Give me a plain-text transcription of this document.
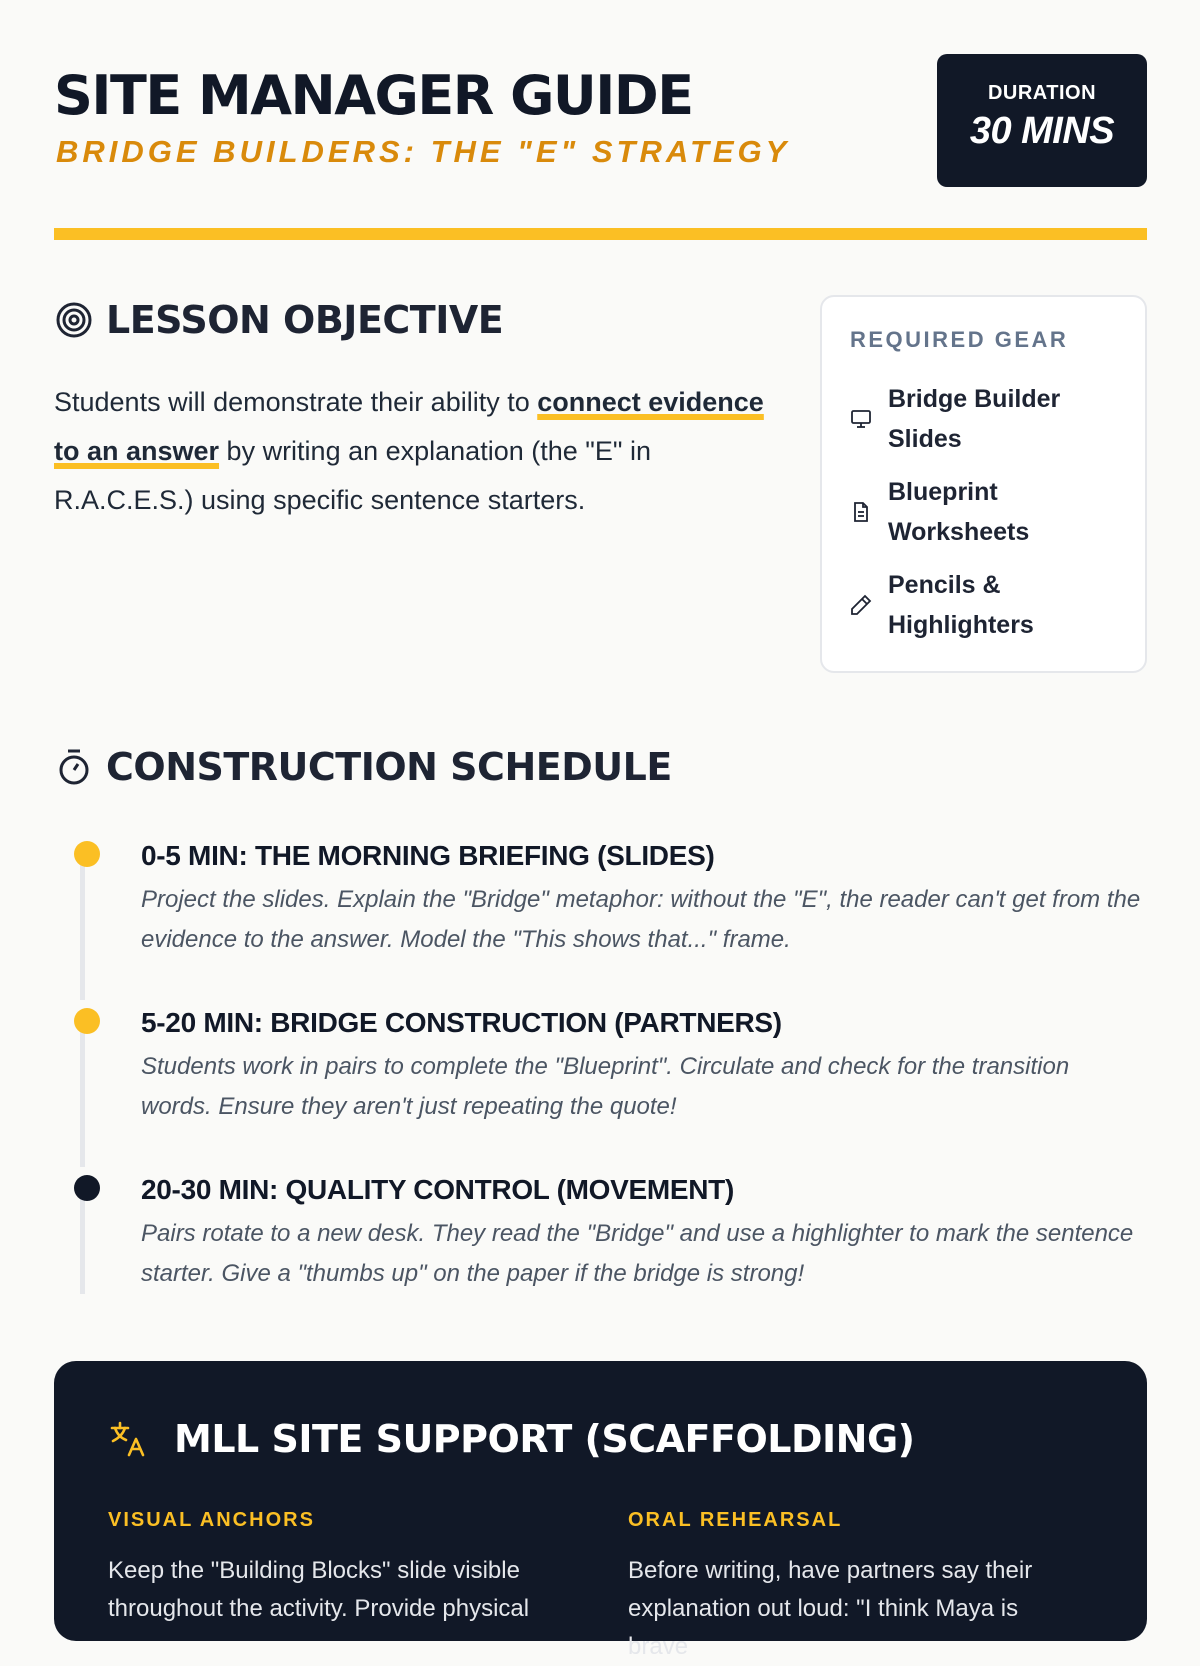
SITE MANAGER GUIDE
BRIDGE BUILDERS: THE "E" STRATEGY
DURATION
30 MINS
LESSON OBJECTIVE
Students will demonstrate their ability to connect evidence to an answer by writing an explanation (the "E" in R.A.C.E.S.) using specific sentence starters.
REQUIRED GEAR
Bridge Builder Slides
Blueprint Worksheets
Pencils & Highlighters
CONSTRUCTION SCHEDULE
0-5 MIN: THE MORNING BRIEFING (SLIDES)
Project the slides. Explain the "Bridge" metaphor: without the "E", the reader can't get from the evidence to the answer. Model the "This shows that..." frame.
5-20 MIN: BRIDGE CONSTRUCTION (PARTNERS)
Students work in pairs to complete the "Blueprint". Circulate and check for the transition words. Ensure they aren't just repeating the quote!
20-30 MIN: QUALITY CONTROL (MOVEMENT)
Pairs rotate to a new desk. They read the "Bridge" and use a highlighter to mark the sentence starter. Give a "thumbs up" on the paper if the bridge is strong!
MLL SITE SUPPORT (SCAFFOLDING)
VISUAL ANCHORS
Keep the "Building Blocks" slide visible throughout the activity. Provide physical
ORAL REHEARSAL
Before writing, have partners say their explanation out loud: "I think Maya is brave
